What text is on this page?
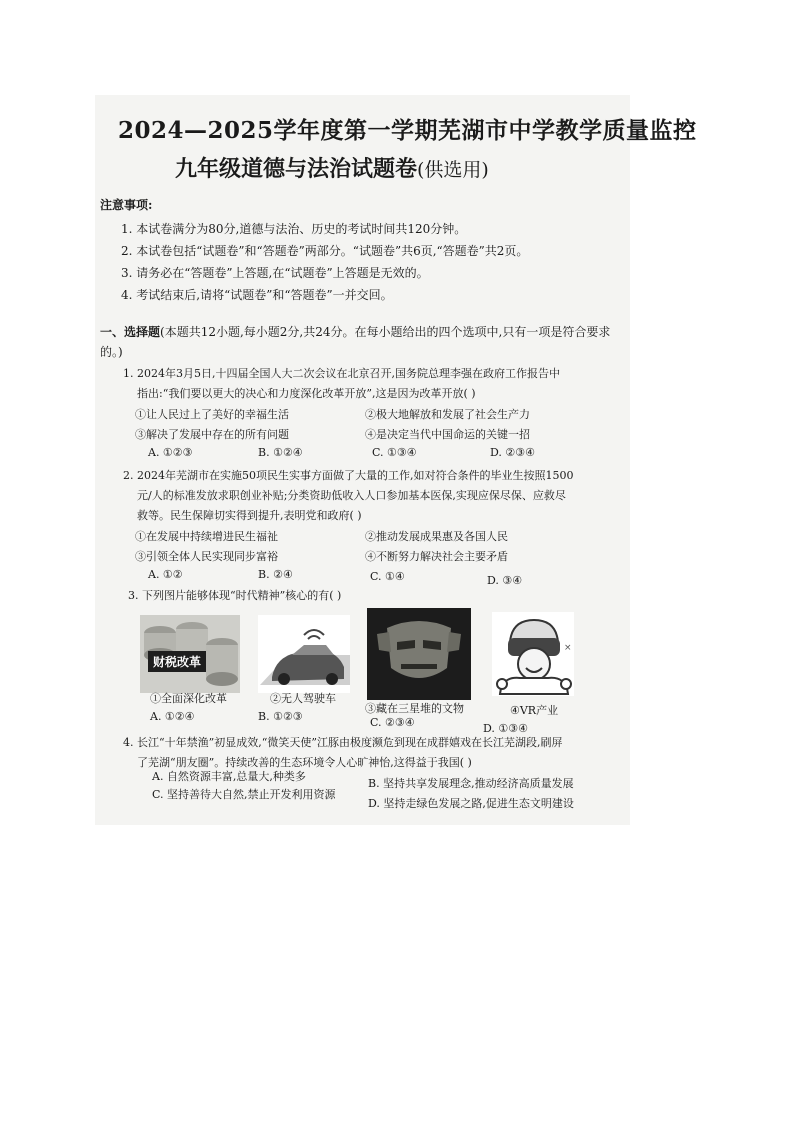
2024—2025学年度第一学期芜湖市中学教学质量监控
九年级道德与法治试题卷(供选用)
注意事项:
1. 本试卷满分为80分,道德与法治、历史的考试时间共120分钟。
2. 本试卷包括“试题卷”和“答题卷”两部分。“试题卷”共6页,“答题卷”共2页。
3. 请务必在“答题卷”上答题,在“试题卷”上答题是无效的。
4. 考试结束后,请将“试题卷”和“答题卷”一并交回。
一、选择题(本题共12小题,每小题2分,共24分。在每小题给出的四个选项中,只有一项是符合要求的。)

1. 2024年3月5日,十四届全国人大二次会议在北京召开,国务院总理李强在政府工作报告中

指出:“我们要以更大的决心和力度深化改革开放”,这是因为改革开放( )

①让人民过上了美好的幸福生活	②极大地解放和发展了社会生产力
③解决了发展中存在的所有问题	④是决定当代中国命运的关键一招
A. ①②③	B. ①②④	C. ①③④	D. ②③④

2. 2024年芜湖市在实施50项民生实事方面做了大量的工作,如对符合条件的毕业生按照1500

元/人的标准发放求职创业补贴;分类资助低收入人口参加基本医保,实现应保尽保、应救尽

救等。民生保障切实得到提升,表明党和政府( )

①在发展中持续增进民生福祉	②推动发展成果惠及各国人民
③引领全体人民实现同步富裕	④不断努力解决社会主要矛盾
A. ①②	B. ②④	C. ①④	D. ③④
3. 下列图片能够体现“时代精神”核心的有( )
财税改革
×
①全面深化改革	②无人驾驶车
③藏在三星堆的文物	④VR产业
A. ①②④	B. ①②③	C. ②③④	D. ①③④

4. 长江“十年禁渔”初显成效,“微笑天使”江豚由极度濒危到现在成群嬉戏在长江芜湖段,刷屏

了芜湖“朋友圈”。持续改善的生态环境令人心旷神怡,这得益于我国( )

A. 自然资源丰富,总量大,种类多
B. 坚持共享发展理念,推动经济高质量发展
C. 坚持善待大自然,禁止开发利用资源
D. 坚持走绿色发展之路,促进生态文明建设
